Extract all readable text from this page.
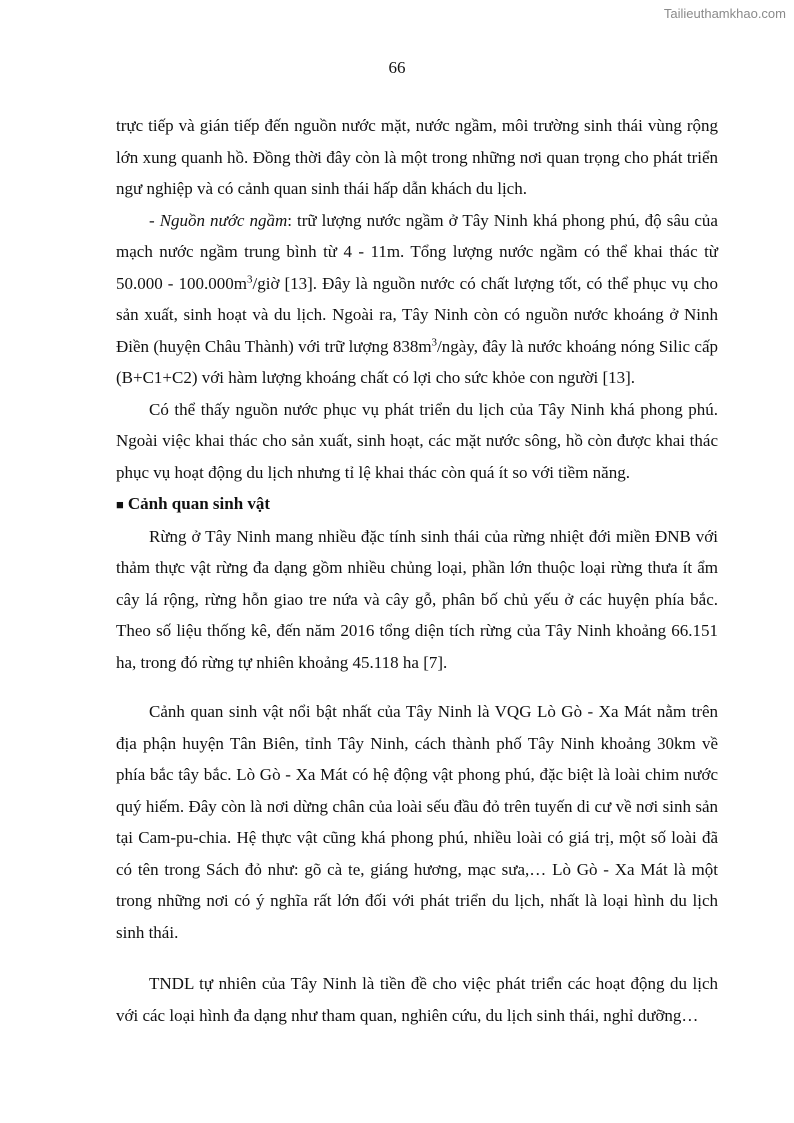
Tailieuthamkhao.com
66

trực tiếp và gián tiếp đến nguồn nước mặt, nước ngầm, môi trường sinh thái vùng rộng lớn xung quanh hồ. Đồng thời đây còn là một trong những nơi quan trọng cho phát triển ngư nghiệp và có cảnh quan sinh thái hấp dẫn khách du lịch.

- Nguồn nước ngầm: trữ lượng nước ngầm ở Tây Ninh khá phong phú, độ sâu của mạch nước ngầm trung bình từ 4 - 11m. Tổng lượng nước ngầm có thể khai thác từ $50.000 - 100.000m^3$/giờ [13]. Đây là nguồn nước có chất lượng tốt, có thể phục vụ cho sản xuất, sinh hoạt và du lịch. Ngoài ra, Tây Ninh còn có nguồn nước khoáng ở Ninh Điền (huyện Châu Thành) với trữ lượng $838m^3$/ngày, đây là nước khoáng nóng Silic cấp (B+C1+C2) với hàm lượng khoáng chất có lợi cho sức khỏe con người [13].

Có thể thấy nguồn nước phục vụ phát triển du lịch của Tây Ninh khá phong phú. Ngoài việc khai thác cho sản xuất, sinh hoạt, các mặt nước sông, hồ còn được khai thác phục vụ hoạt động du lịch nhưng tỉ lệ khai thác còn quá ít so với tiềm năng.

■ Cảnh quan sinh vật

Rừng ở Tây Ninh mang nhiều đặc tính sinh thái của rừng nhiệt đới miền ĐNB với thảm thực vật rừng đa dạng gồm nhiều chủng loại, phần lớn thuộc loại rừng thưa ít ẩm cây lá rộng, rừng hỗn giao tre nứa và cây gỗ, phân bố chủ yếu ở các huyện phía bắc. Theo số liệu thống kê, đến năm 2016 tổng diện tích rừng của Tây Ninh khoảng 66.151 ha, trong đó rừng tự nhiên khoảng 45.118 ha [7].

Cảnh quan sinh vật nổi bật nhất của Tây Ninh là VQG Lò Gò - Xa Mát nằm trên địa phận huyện Tân Biên, tỉnh Tây Ninh, cách thành phố Tây Ninh khoảng 30km về phía bắc tây bắc. Lò Gò - Xa Mát có hệ động vật phong phú, đặc biệt là loài chim nước quý hiếm. Đây còn là nơi dừng chân của loài sếu đầu đỏ trên tuyến di cư về nơi sinh sản tại Cam-pu-chia. Hệ thực vật cũng khá phong phú, nhiều loài có giá trị, một số loài đã có tên trong Sách đỏ như: gõ cà te, giáng hương, mạc sưa,… Lò Gò - Xa Mát là một trong những nơi có ý nghĩa rất lớn đối với phát triển du lịch, nhất là loại hình du lịch sinh thái.

TNDL tự nhiên của Tây Ninh là tiền đề cho việc phát triển các hoạt động du lịch với các loại hình đa dạng như tham quan, nghiên cứu, du lịch sinh thái, nghỉ dưỡng…
